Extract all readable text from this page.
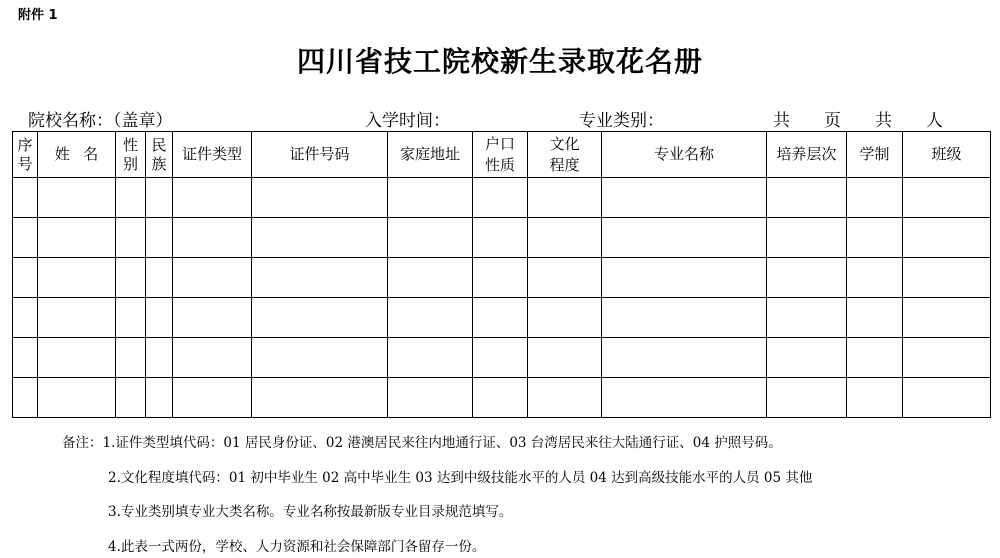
附件 1
四川省技工院校新生录取花名册
院校名称：（盖章）	入学时间：	专业类别：	共　　页　　共　　人
序号	姓名	性别	民族	证件类型	证件号码	家庭地址	户口性质	文化程度	专业名称	培养层次	学制	班级

备注：1.证件类型填代码：01 居民身份证、02 港澳居民来往内地通行证、03 台湾居民来往大陆通行证、04 护照号码。
2.文化程度填代码：01 初中毕业生 02 高中毕业生 03 达到中级技能水平的人员 04 达到高级技能水平的人员 05 其他
3.专业类别填专业大类名称。专业名称按最新版专业目录规范填写。
4.此表一式两份，学校、人力资源和社会保障部门各留存一份。
